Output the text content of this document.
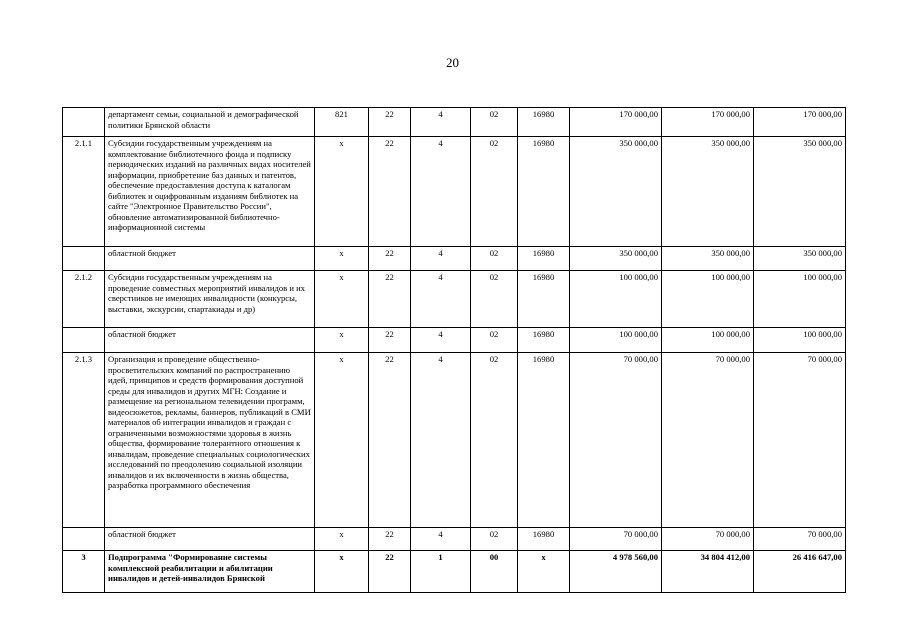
20
	департамент семьи, социальной и демографической политики Брянской области	821	22	4	02	16980	170 000,00	170 000,00	170 000,00
2.1.1	Субсидии государственным учреждениям на комплектование библиотечного фонда и подписку периодических изданий на различных видах носителей информации, приобретение баз данных и патентов, обеспечение предоставления доступа к каталогам библиотек и оцифрованным изданиям библиотек на сайте "Электронное Правительство России", обновление автоматизированной библиотечно-информационной системы	x	22	4	02	16980	350 000,00	350 000,00	350 000,00
	областной бюджет	x	22	4	02	16980	350 000,00	350 000,00	350 000,00
2.1.2	Субсидии государственным учреждениям на проведение совместных мероприятий инвалидов и их сверстников не имеющих инвалидности (конкурсы, выставки, экскурсии, спартакиады и др)	x	22	4	02	16980	100 000,00	100 000,00	100 000,00
	областной бюджет	x	22	4	02	16980	100 000,00	100 000,00	100 000,00
2.1.3	Организация и проведение общественно-просветительских компаний по распространению идей, принципов и средств формирования доступной среды для инвалидов и других МГН: Создание и размещение на региональном телевидении программ, видеосюжетов, рекламы, баннеров, публикаций в СМИ материалов об интеграции инвалидов и граждан с ограниченными возможностями здоровья в жизнь общества, формирование толерантного отношения к инвалидам, проведение специальных социологических исследований по преодолению социальной изоляции инвалидов и их включенности в жизнь общества, разработка программного обеспечения	x	22	4	02	16980	70 000,00	70 000,00	70 000,00
	областной бюджет	x	22	4	02	16980	70 000,00	70 000,00	70 000,00
3	Подпрограмма "Формирование системы комплексной реабилитации и абилитации инвалидов и детей-инвалидов Брянской	x	22	1	00	x	4 978 560,00	34 804 412,00	26 416 647,00
